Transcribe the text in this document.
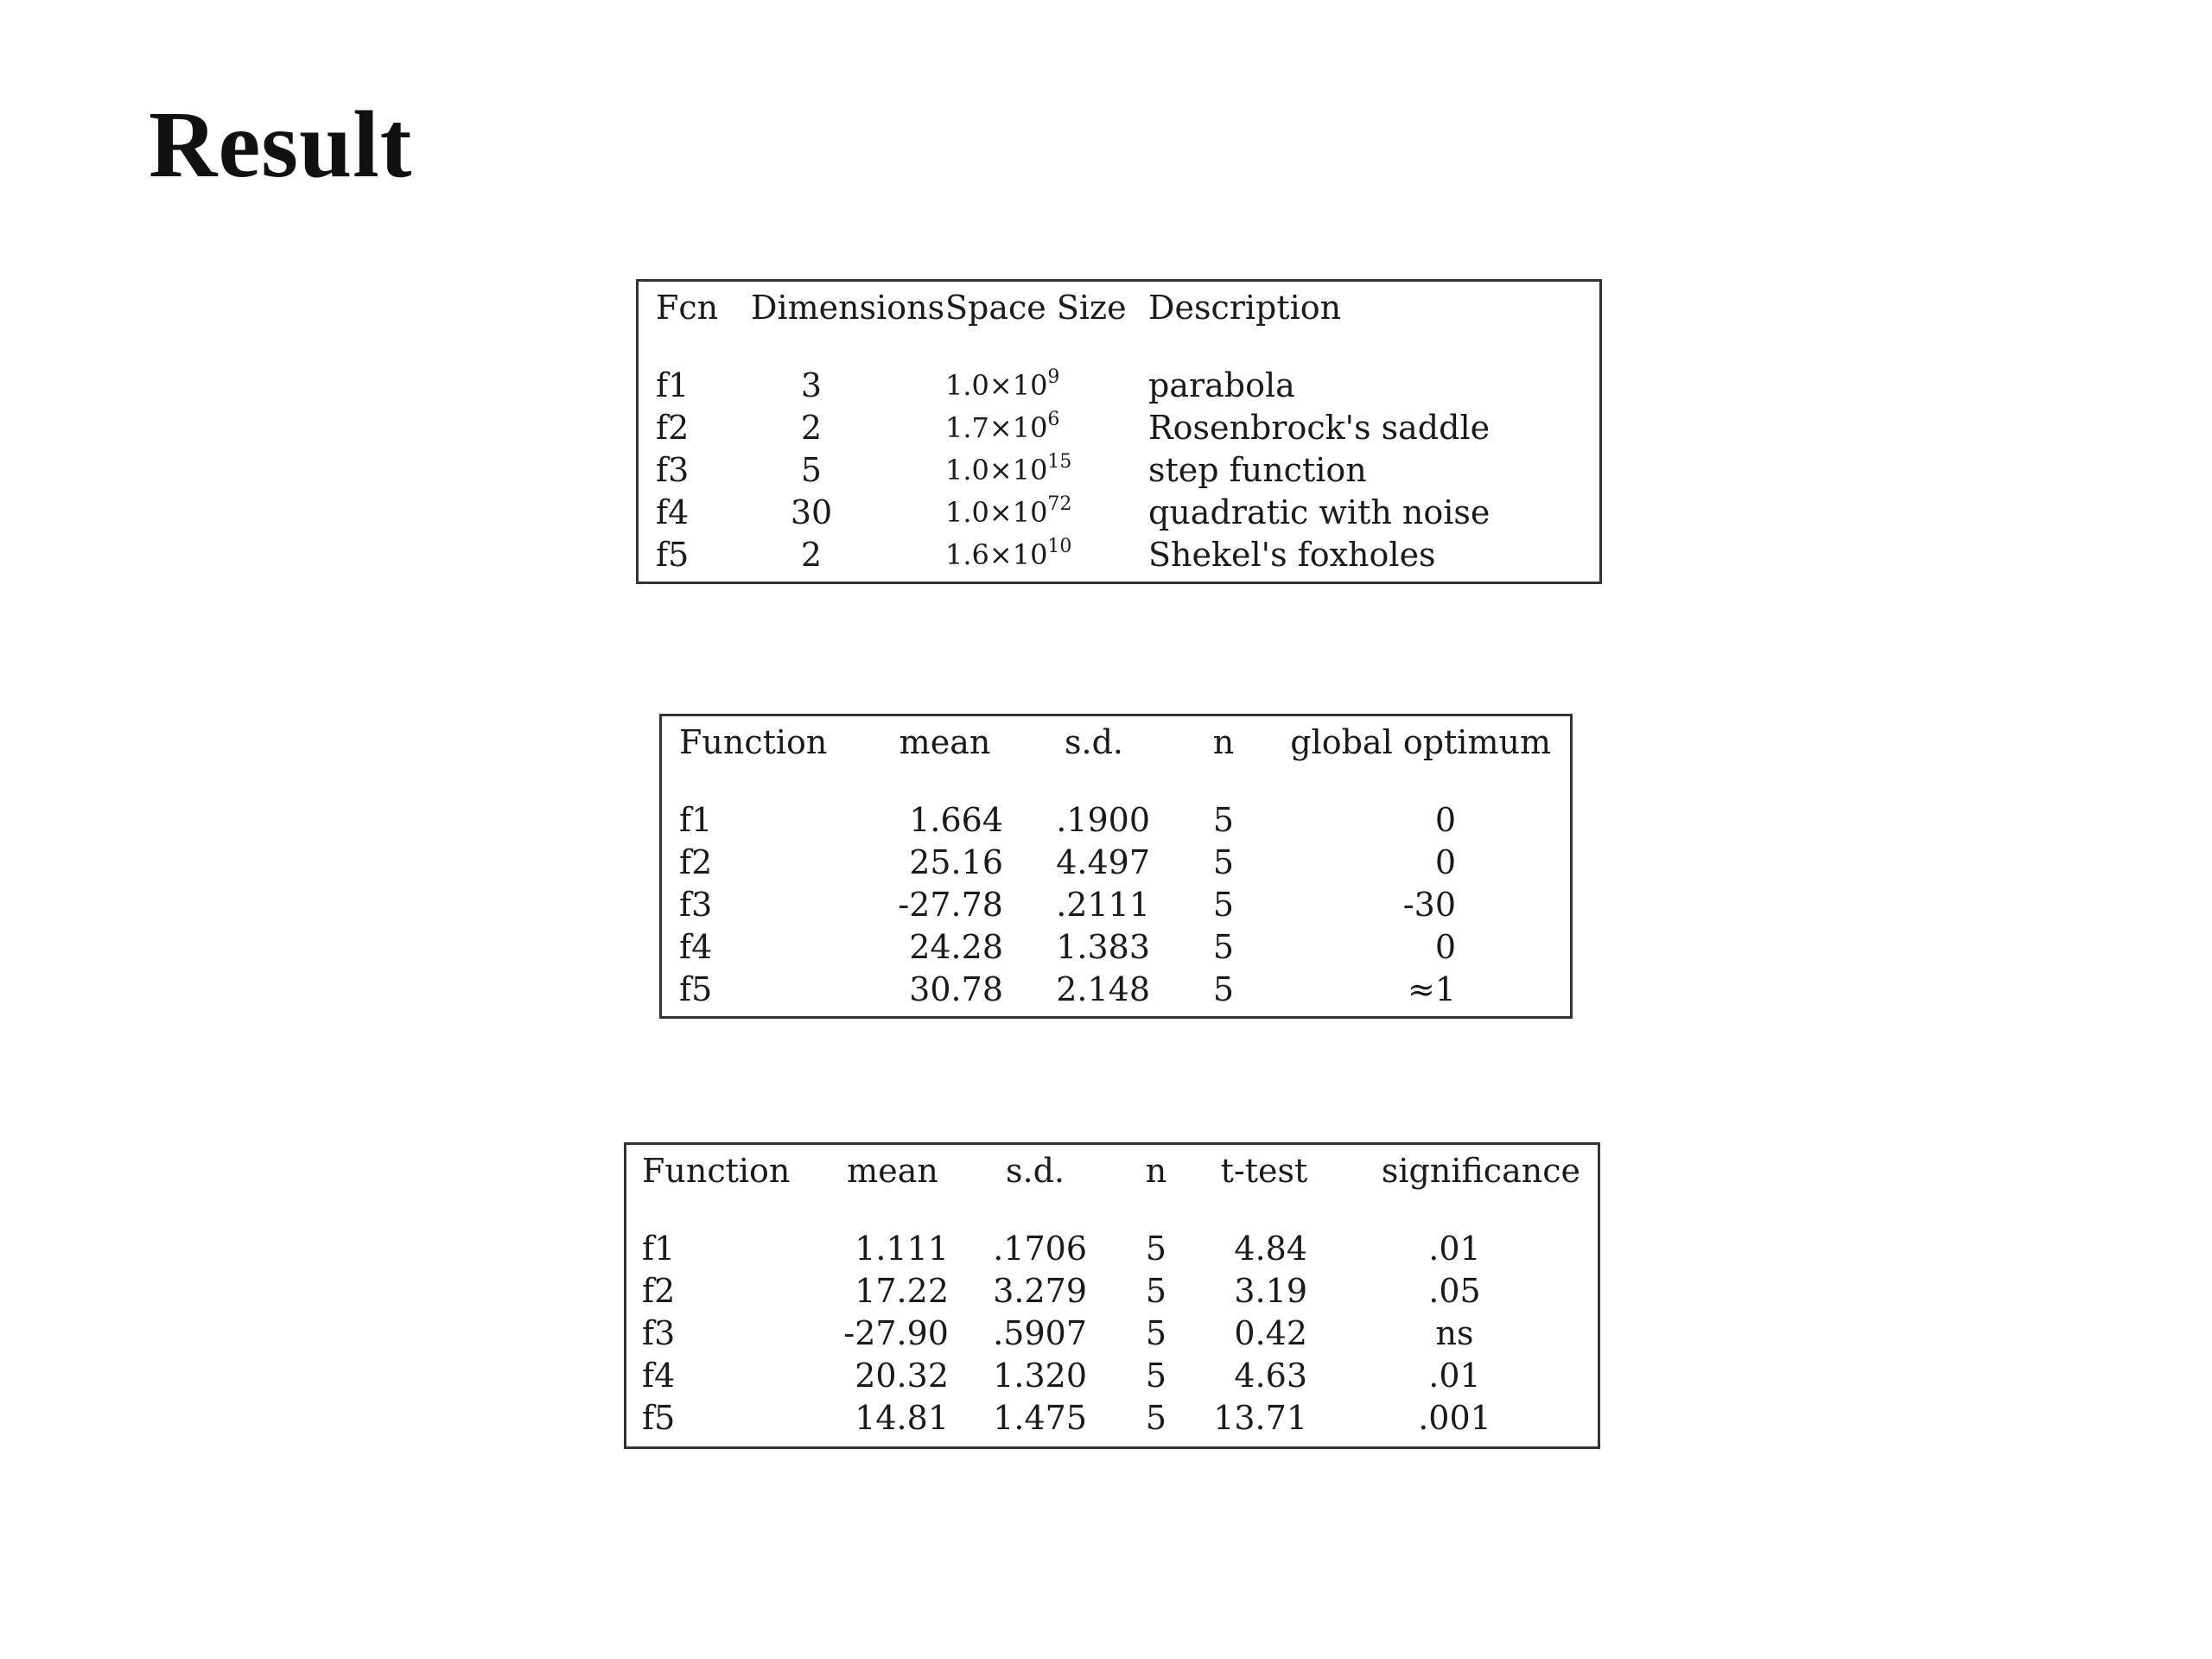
Result
Fcn	Dimensions	Space Size	Description

f1	3	$1.0\times 10^9$	parabola
f2	2	$1.7\times 10^6$	Rosenbrock's saddle
f3	5	$1.0\times 10^{15}$	step function
f4	30	$1.0\times 10^{72}$	quadratic with noise
f5	2	$1.6\times 10^{10}$	Shekel's foxholes
Function	mean	s.d.	n	global optimum

f1	1.664	.1900	5	0
f2	25.16	4.497	5	0
f3	-27.78	.2111	5	-30
f4	24.28	1.383	5	0
f5	30.78	2.148	5	≈1
Function	mean	s.d.	n	t-test	significance

f1	1.111	.1706	5	4.84	.01
f2	17.22	3.279	5	3.19	.05
f3	-27.90	.5907	5	0.42	ns
f4	20.32	1.320	5	4.63	.01
f5	14.81	1.475	5	13.71	.001
